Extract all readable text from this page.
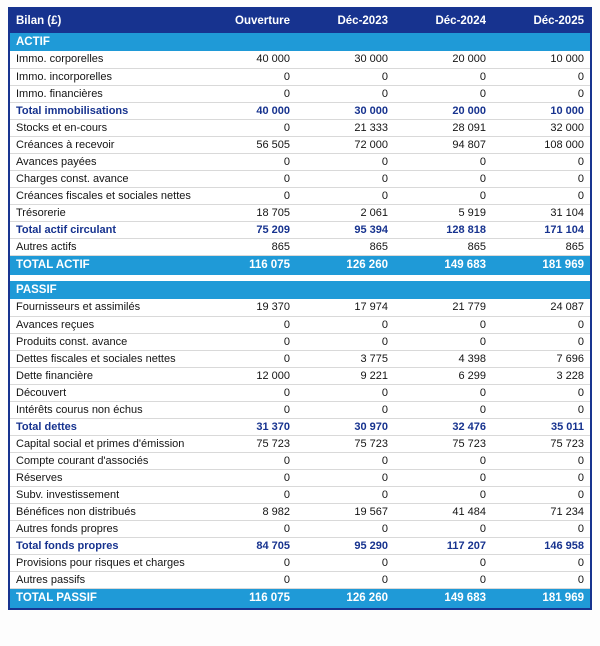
Bilan (£)	Ouverture	Déc-2023	Déc-2024	Déc-2025
ACTIF				
Immo. corporelles	40 000	30 000	20 000	10 000
Immo. incorporelles	0	0	0	0
Immo. financières	0	0	0	0
Total immobilisations	40 000	30 000	20 000	10 000
Stocks et en-cours	0	21 333	28 091	32 000
Créances à recevoir	56 505	72 000	94 807	108 000
Avances payées	0	0	0	0
Charges const. avance	0	0	0	0
Créances fiscales et sociales nettes	0	0	0	0
Trésorerie	18 705	2 061	5 919	31 104
Total actif circulant	75 209	95 394	128 818	171 104
Autres actifs	865	865	865	865
TOTAL ACTIF	116 075	126 260	149 683	181 969

PASSIF				
Fournisseurs et assimilés	19 370	17 974	21 779	24 087
Avances reçues	0	0	0	0
Produits const. avance	0	0	0	0
Dettes fiscales et sociales nettes	0	3 775	4 398	7 696
Dette financière	12 000	9 221	6 299	3 228
Découvert	0	0	0	0
Intérêts courus non échus	0	0	0	0
Total dettes	31 370	30 970	32 476	35 011
Capital social et primes d'émission	75 723	75 723	75 723	75 723
Compte courant d'associés	0	0	0	0
Réserves	0	0	0	0
Subv. investissement	0	0	0	0
Bénéfices non distribués	8 982	19 567	41 484	71 234
Autres fonds propres	0	0	0	0
Total fonds propres	84 705	95 290	117 207	146 958
Provisions pour risques et charges	0	0	0	0
Autres passifs	0	0	0	0
TOTAL PASSIF	116 075	126 260	149 683	181 969
